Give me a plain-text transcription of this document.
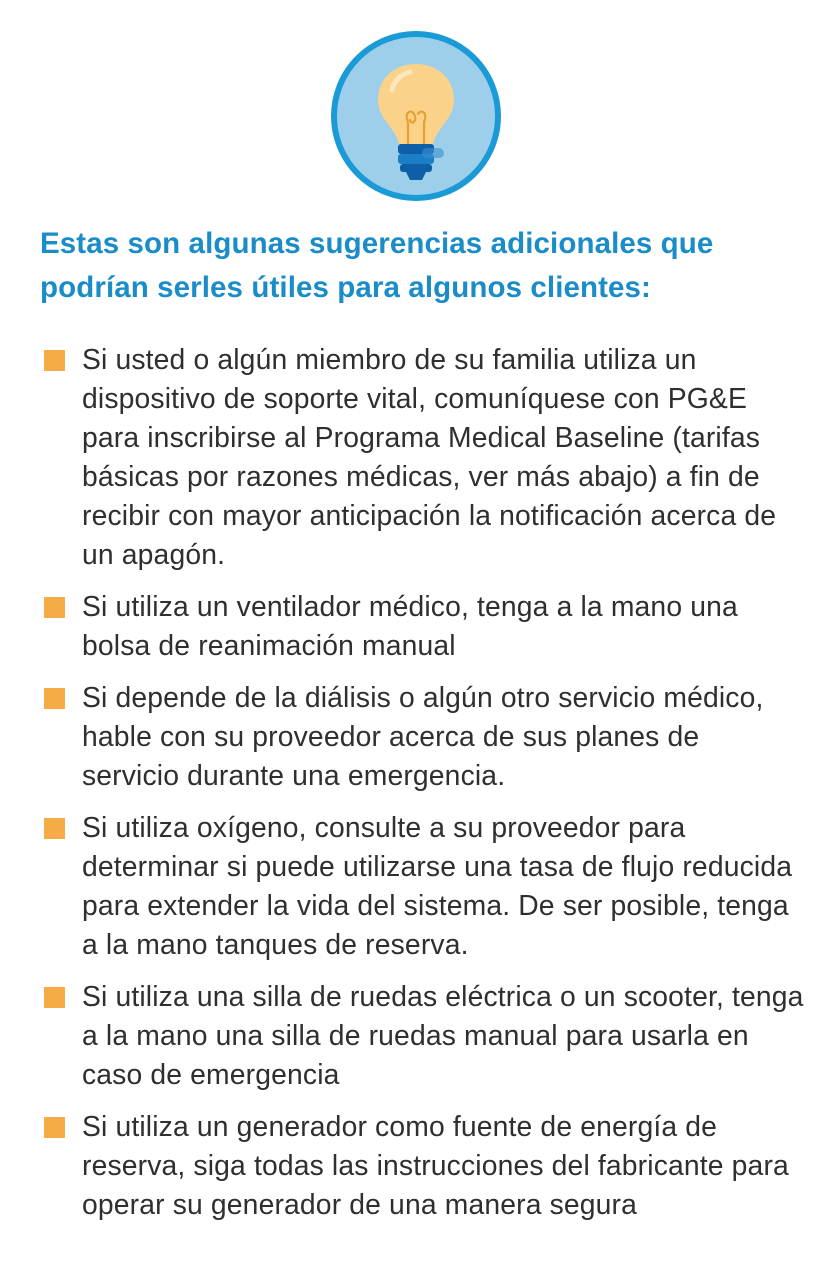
Estas son algunas sugerencias adicionales que podrían serles útiles para algunos clientes:
Si usted o algún miembro de su familia utiliza un dispositivo de soporte vital, comuníquese con PG&E para inscribirse al Programa Medical Baseline (tarifas básicas por razones médicas, ver más abajo) a fin de recibir con mayor anticipación la notificación acerca de un apagón.
Si utiliza un ventilador médico, tenga a la mano una bolsa de reanimación manual
Si depende de la diálisis o algún otro servicio médico, hable con su proveedor acerca de sus planes de servicio durante una emergencia.
Si utiliza oxígeno, consulte a su proveedor para determinar si puede utilizarse una tasa de flujo reducida para extender la vida del sistema. De ser posible, tenga a la mano tanques de reserva.
Si utiliza una silla de ruedas eléctrica o un scooter, tenga a la mano una silla de ruedas manual para usarla en caso de emergencia
Si utiliza un generador como fuente de energía de reserva, siga todas las instrucciones del fabricante para operar su generador de una manera segura
